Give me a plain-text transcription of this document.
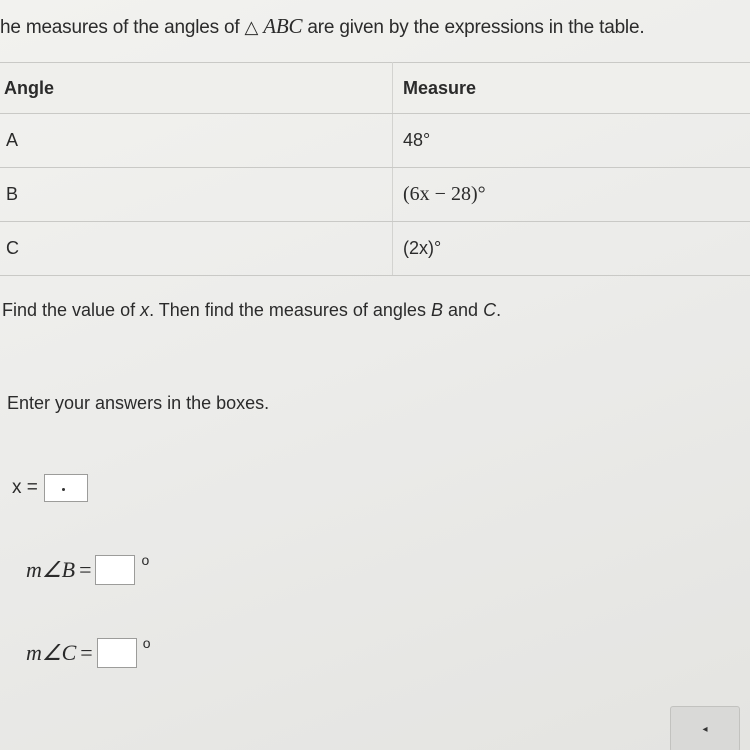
he measures of the angles of △ ABC are given by the expressions in the table.
Angle	Measure
A	48°
B	(6x − 28)°
C	(2x)°
Find the value of x. Then find the measures of angles B and C.
Enter your answers in the boxes.
x =
m∠B =	o
m∠C =	o
◂
